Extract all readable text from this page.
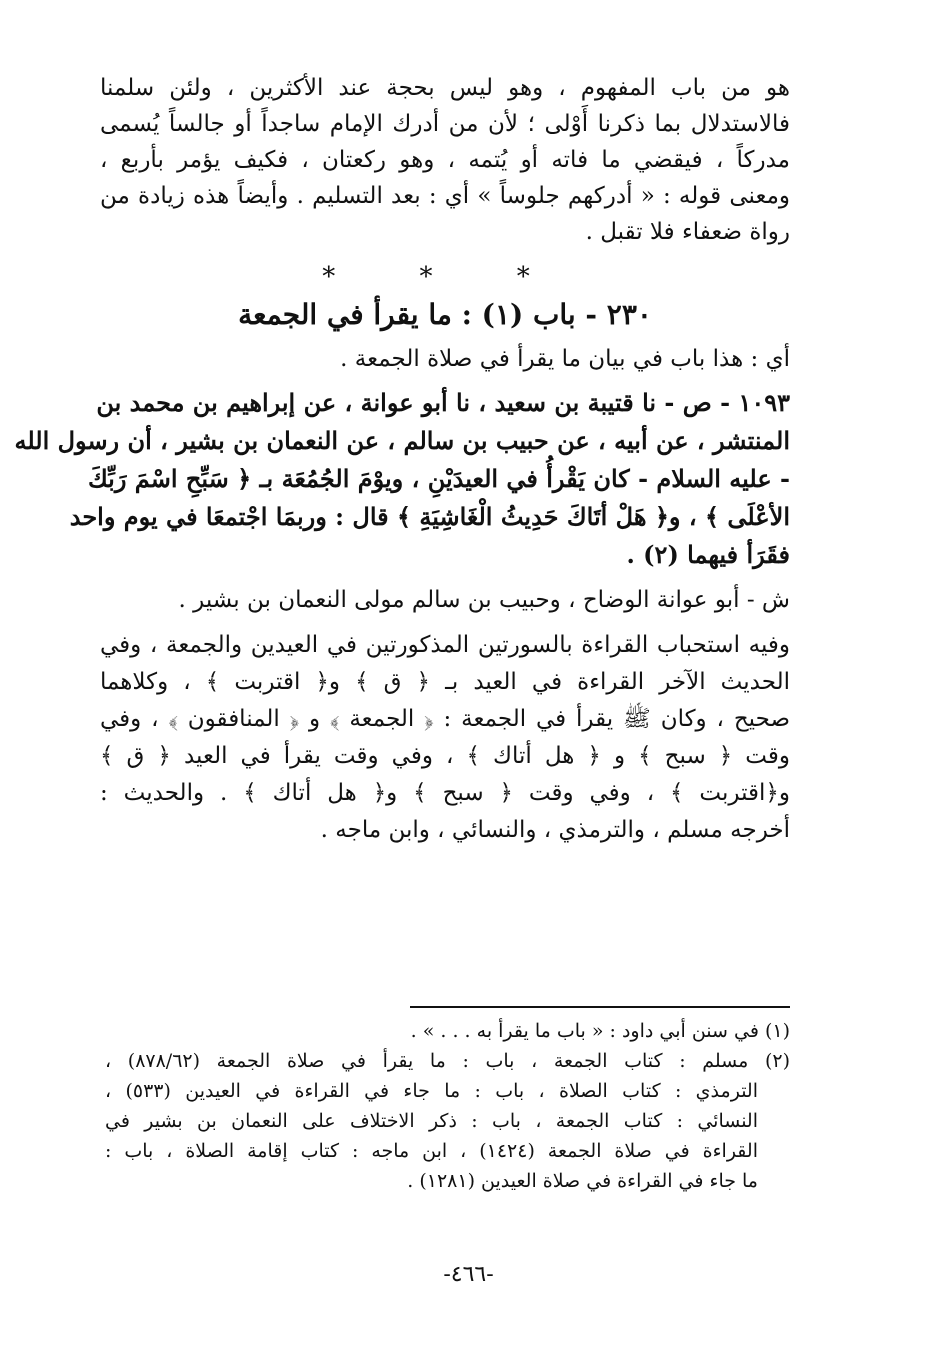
هو من باب المفهوم ، وهو ليس بحجة عند الأكثرين ، ولئن سلمنا
فالاستدلال بما ذكرنا أَوْلى ؛ لأن من أدرك الإمام ساجداً أو جالساً يُسمى
مدركاً ، فيقضي ما فاته أو يُتمه ، وهو ركعتان ، فكيف يؤمر بأربع ،
ومعنى قوله : « أدركهم جلوساً » أي : بعد التسليم . وأيضاً هذه زيادة من
رواة ضعفاء فلا تقبل .
* * *
٢٣٠ - باب (١) : ما يقرأ في الجمعة
أي : هذا باب في بيان ما يقرأ في صلاة الجمعة .
١٠٩٣ - ص - نا قتيبة بن سعيد ، نا أبو عوانة ، عن إبراهيم بن محمد بن
المنتشر ، عن أبيه ، عن حبيب بن سالم ، عن النعمان بن بشير ، أن رسول الله
- عليه السلام - كان يَقْرأُ في العيدَيْنِ ، ويوْمَ الجُمُعَة بـ ﴿ سَبِّحِ اسْمَ رَبِّكَ
الأعْلَى ﴾ ، و﴿ هَلْ أتَاكَ حَدِيثُ الْغَاشِيَةِ ﴾ قال : وربمَا اجْتمعَا في يوم واحد
فقَرَأ فيهما (٢) .
ش - أبو عوانة الوضاح ، وحبيب بن سالم مولى النعمان بن بشير .
وفيه استحباب القراءة بالسورتين المذكورتين في العيدين والجمعة ، وفي
الحديث الآخر القراءة في العيد بـ ﴿ ق ﴾ و﴿ اقتربت ﴾ ، وكلاهما
صحيح ، وكان ﷺ يقرأ في الجمعة : ﴿ الجمعة ﴾ و ﴿ المنافقون ﴾ ، وفي
وقت ﴿ سبح ﴾ و ﴿ هل أتاك ﴾ ، وفي وقت يقرأ في العيد ﴿ ق ﴾
و﴿اقتربت ﴾ ، وفي وقت ﴿ سبح ﴾ و﴿ هل أتاك ﴾ . والحديث :
أخرجه مسلم ، والترمذي ، والنسائي ، وابن ماجه .
(١) في سنن أبي داود : « باب ما يقرأ به . . . » .
(٢) مسلم : كتاب الجمعة ، باب : ما يقرأ في صلاة الجمعة (٨٧٨/٦٢) ،
الترمذي : كتاب الصلاة ، باب : ما جاء في القراءة في العيدين (٥٣٣) ،
النسائي : كتاب الجمعة ، باب : ذكر الاختلاف على النعمان بن بشير في
القراءة في صلاة الجمعة (١٤٢٤) ، ابن ماجه : كتاب إقامة الصلاة ، باب :
ما جاء في القراءة في صلاة العيدين (١٢٨١) .
-٤٦٦-
